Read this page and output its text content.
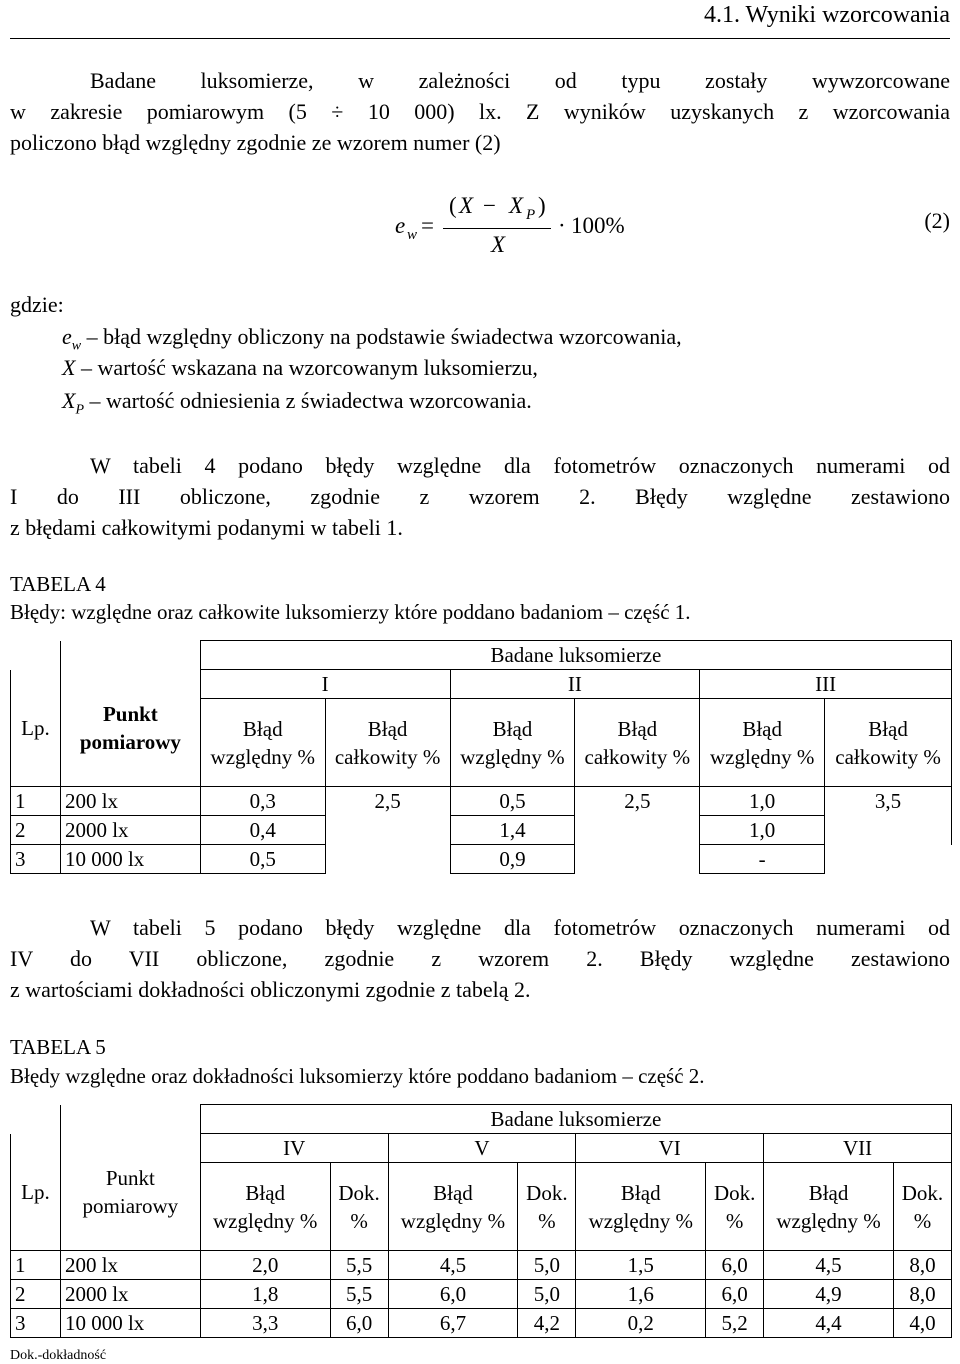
4.1. Wyniki wzorcowania
Badane luksomierze, w zależności od typu zostały wywzorcowane
w zakresie pomiarowym (5 ÷ 10 000) lx. Z wyników uzyskanych z wzorcowania
policzono błąd względny zgodnie ze wzorem numer (2)
e w =
( X − X P )
X
· 100%	(2)
gdzie:
$e_w$ – błąd względny obliczony na podstawie świadectwa wzorcowania,
X – wartość wskazana na wzorcowanym luksomierzu,
$X_P$ – wartość odniesienia z świadectwa wzorcowania.
W tabeli 4 podano błędy względne dla fotometrów oznaczonych numerami od
I do III obliczone, zgodnie z wzorem 2. Błędy względne zestawiono
z błędami całkowitymi podanymi w tabeli 1.
TABELA 4
Błędy: względne oraz całkowite luksomierzy które poddano badaniom – część 1.
		Badane luksomierze					
Lp.	Punkt pomiarowy	I		II		III	
		Błąd względny %	Błąd całkowity %	Błąd względny %	Błąd całkowity %	Błąd względny %	Błąd całkowity %
1	200 lx	0,3	2,5	0,5	2,5	1,0	3,5
2	2000 lx	0,4		1,4		1,0	
3	10 000 lx	0,5		0,9		-	
W tabeli 5 podano błędy względne dla fotometrów oznaczonych numerami od
IV do VII obliczone, zgodnie z wzorem 2. Błędy względne zestawiono
z wartościami dokładności obliczonymi zgodnie z tabelą 2.
TABELA 5
Błędy względne oraz dokładności luksomierzy które poddano badaniom – część 2.
		Badane luksomierze							
Lp.	Punkt pomiarowy	IV		V		VI		VII	
		Błąd względny %	Dok. %	Błąd względny %	Dok. %	Błąd względny %	Dok. %	Błąd względny %	Dok. %
1	200 lx	2,0	5,5	4,5	5,0	1,5	6,0	4,5	8,0
2	2000 lx	1,8	5,5	6,0	5,0	1,6	6,0	4,9	8,0
3	10 000 lx	3,3	6,0	6,7	4,2	0,2	5,2	4,4	4,0
Dok.-dokładność
